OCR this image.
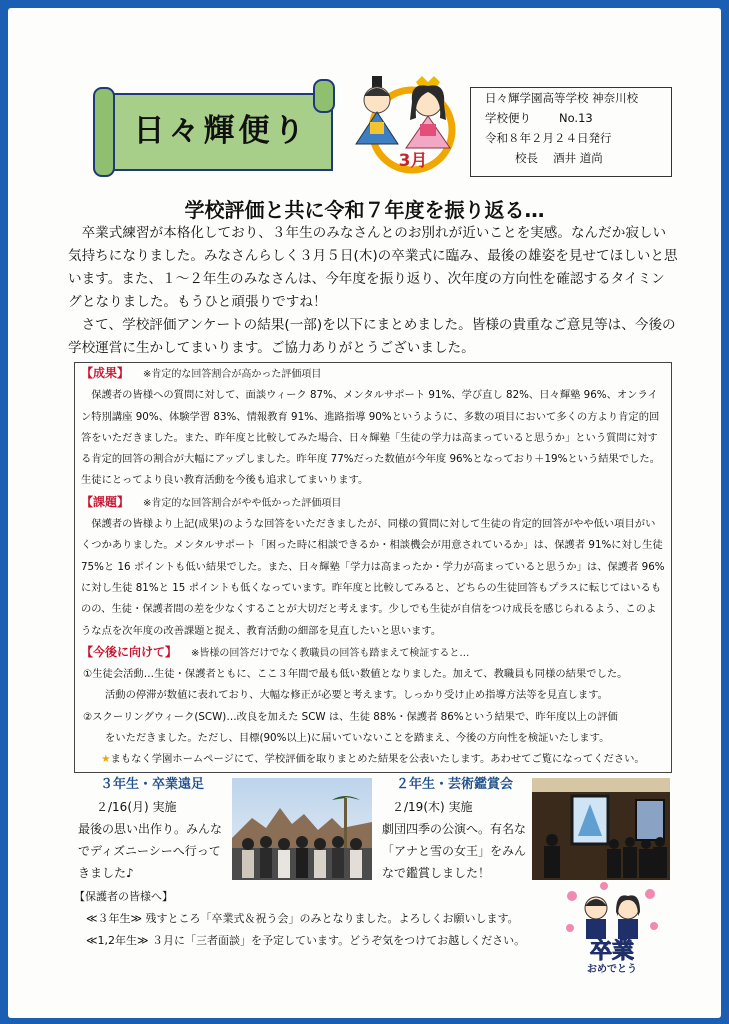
日々輝便り
3月
日々輝学園高等学校 神奈川校
学校便り No.13
令和８年２月２４日発行
校長　 酒井 道尚
学校評価と共に令和７年度を振り返る…

卒業式練習が本格化しており、３年生のみなさんとのお別れが近いことを実感。なんだか寂しい気持ちになりました。みなさんらしく３月５日(木)の卒業式に臨み、最後の雄姿を見せてほしいと思います。また、１～２年生のみなさんは、今年度を振り返り、次年度の方向性を確認するタイミングとなりました。もうひと頑張りですね！

さて、学校評価アンケートの結果(一部)を以下にまとめました。皆様の貴重なご意見等は、今後の学校運営に生かしてまいります。ご協力ありがとうございました。

【成果】 ※肯定的な回答割合が高かった評価項目
保護者の皆様への質問に対して、面談ウィーク 87%、メンタルサポート 91%、学び直し 82%、日々輝塾 96%、オンライン特別講座 90%、体験学習 83%、情報教育 91%、進路指導 90%というように、多数の項目において多くの方より肯定的回答をいただきました。また、昨年度と比較してみた場合、日々輝塾「生徒の学力は高まっていると思うか」という質問に対する肯定的回答の割合が大幅にアップしました。昨年度 77%だった数値が今年度 96%となっており＋19%という結果でした。生徒にとってより良い教育活動を今後も追求してまいります。
【課題】 ※肯定的な回答割合がやや低かった評価項目
保護者の皆様より上記(成果)のような回答をいただきましたが、同様の質問に対して生徒の肯定的回答がやや低い項目がいくつかありました。メンタルサポート「困った時に相談できるか・相談機会が用意されているか」は、保護者 91%に対し生徒 75%と 16 ポイントも低い結果でした。また、日々輝塾「学力は高まったか・学力が高まっていると思うか」は、保護者 96%に対し生徒 81%と 15 ポイントも低くなっています。昨年度と比較してみると、どちらの生徒回答もプラスに転じてはいるものの、生徒・保護者間の差を少なくすることが大切だと考えます。少しでも生徒が自信をつけ成長を感じられるよう、このような点を次年度の改善課題と捉え、教育活動の細部を見直したいと思います。
【今後に向けて】 ※皆様の回答だけでなく教職員の回答も踏まえて検証すると…
①生徒会活動…生徒・保護者ともに、ここ３年間で最も低い数値となりました。加えて、教職員も同様の結果でした。
活動の停滞が数値に表れており、大幅な修正が必要と考えます。しっかり受け止め指導方法等を見直します。
②スクーリングウィーク(SCW)…改良を加えた SCW は、生徒 88%・保護者 86%という結果で、昨年度以上の評価
をいただきました。ただし、目標(90%以上)に届いていないことを踏まえ、今後の方向性を検証いたします。
★まもなく学園ホームページにて、学校評価を取りまとめた結果を公表いたします。あわせてご覧になってください。
３年生・卒業遠足
２/16(月) 実施
最後の思い出作り。みんな
でディズニーシーへ行って
きました♪
２年生・芸術鑑賞会
２/19(木) 実施
劇団四季の公演へ。有名な
「アナと雪の女王」をみん
なで鑑賞しました！
【保護者の皆様へ】
≪３年生≫ 残すところ「卒業式＆祝う会」のみとなりました。よろしくお願いします。
≪1,2年生≫ ３月に「三者面談」を予定しています。どうぞ気をつけてお越しください。	卒業
おめでとう
